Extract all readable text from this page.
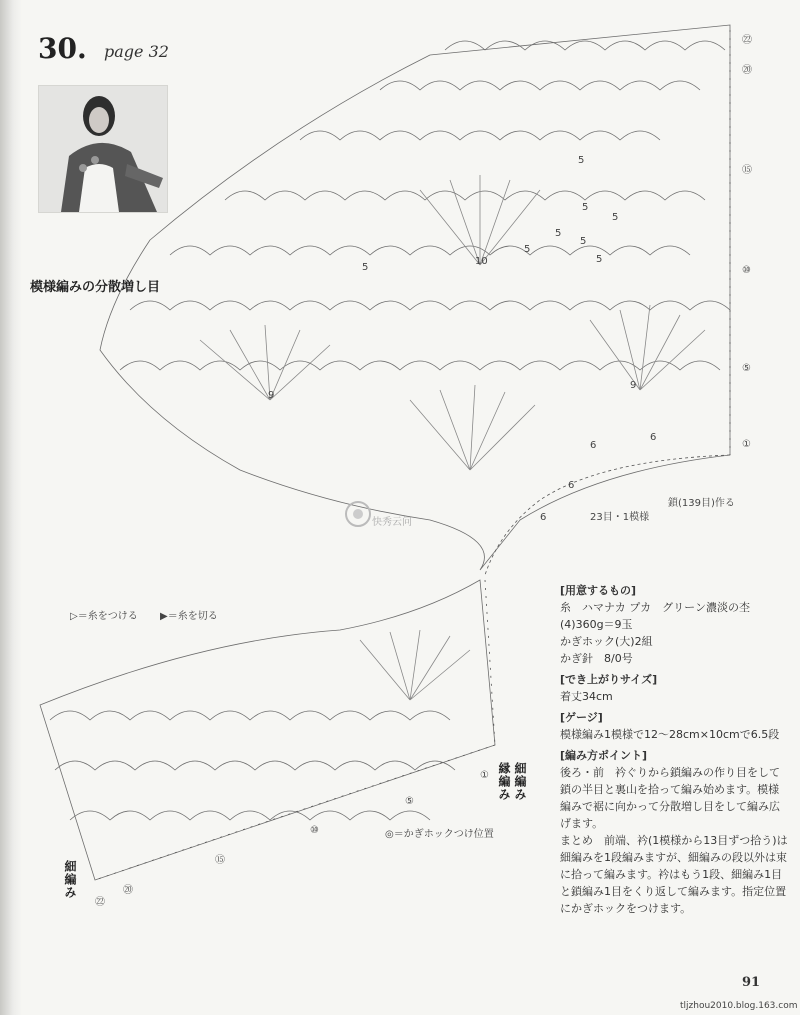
30. page 32
模様編みの分散増し目
㉒
⑳
⑮
⑩
⑤
①
5
5
5
5
5
5
5
5
9
9
6
6
6
6
10
①
⑤
⑩
⑮
⑳
㉒
鎖(139目)作る
23目・1模様
快秀云问
▷＝糸をつける ▶＝糸を切る
◎＝かぎホックつけ位置
縁編み 細編み
細編み
[用意するもの]

糸　ハマナカ プカ　グリーン濃淡の杢 (4)360g＝9玉

かぎホック(大)2組

かぎ針　8/0号

[でき上がりサイズ]

着丈34cm

[ゲージ]

模様編み1模様で12〜28cm×10cmで6.5段

[編み方ポイント]

後ろ・前　衿ぐりから鎖編みの作り目をして鎖の半目と裏山を拾って編み始めます。模様編みで裾に向かって分散増し目をして編み広げます。

まとめ　前端、衿(1模様から13目ずつ拾う)は細編みを1段編みますが、細編みの段以外は束に拾って編みます。衿はもう1段、細編み1目と鎖編み1目をくり返して編みます。指定位置にかぎホックをつけます。

91
tljzhou2010.blog.163.com
